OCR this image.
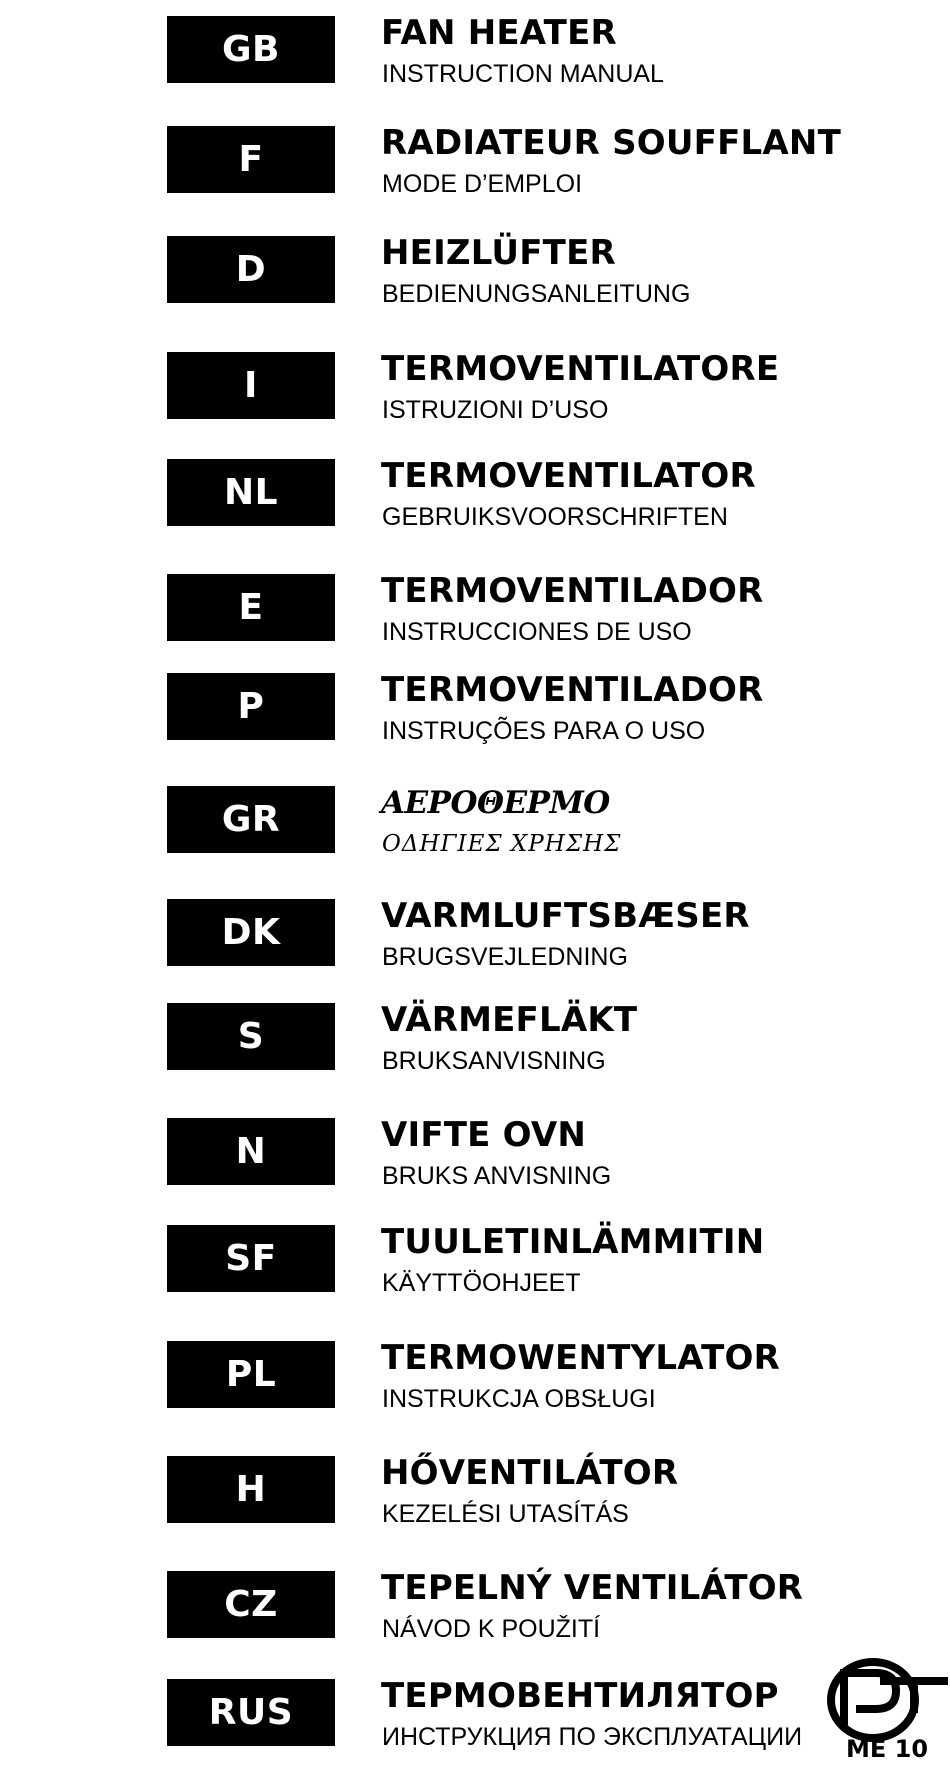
GB	FAN HEATER
INSTRUCTION MANUAL
F	RADIATEUR SOUFFLANT
MODE D’EMPLOI
D	HEIZLÜFTER
BEDIENUNGSANLEITUNG
I	TERMOVENTILATORE
ISTRUZIONI D’USO
NL	TERMOVENTILATOR
GEBRUIKSVOORSCHRIFTEN
E	TERMOVENTILADOR
INSTRUCCIONES DE USO
P	TERMOVENTILADOR
INSTRUÇÕES PARA O USO
GR	ΑΕΡΟΘΕΡΜΟ
ΟΔΗΓΙΕΣ ΧΡΗΣΗΣ
DK	VARMLUFTSBÆSER
BRUGSVEJLEDNING
S	VÄRMEFLÄKT
BRUKSANVISNING
N	VIFTE OVN
BRUKS ANVISNING
SF	TUULETINLÄMMITIN
KÄYTTÖOHJEET
PL	TERMOWENTYLATOR
INSTRUKCJA OBSŁUGI
H	HŐVENTILÁTOR
KEZELÉSI UTASÍTÁS
CZ	TEPELNÝ VENTILÁTOR
NÁVOD K POUŽITÍ
RUS	ТЕРМОВЕНТИЛЯТОР
ИНСТРУКЦИЯ ПО ЭКСПЛУАТАЦИИ ME 10
